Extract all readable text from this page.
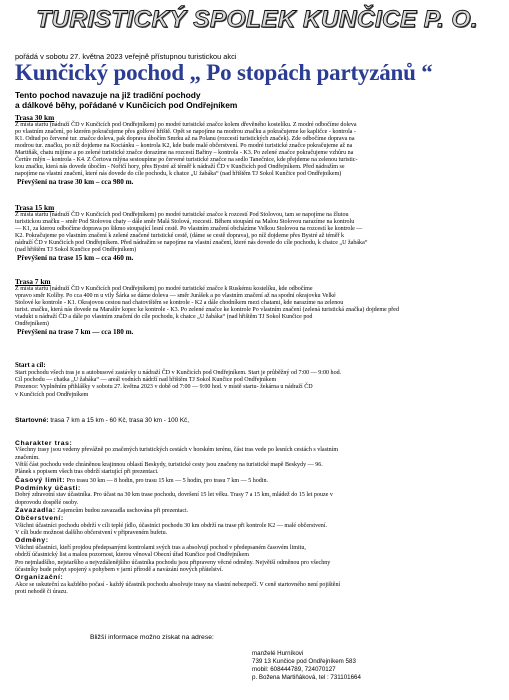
TURISTICKÝ SPOLEK KUNČICE P. O.
pořádá v sobotu 27. května 2023 veřejně přístupnou turistickou akci
Kunčický pochod „ Po stopách partyzánů “
Tento pochod navazuje na již tradiční pochody
a dálkové běhy, pořádané v Kunčicích pod Ondřejníkem
Trasa 30 km
Z místa startu (nádraží ČD v Kunčicích pod Ondřejníkem) po modré turistické značce kolem dřevěného kostelíku. Z modré odbočíme doleva
po vlastním značení, po kterém pokračujeme přes golfové hřiště. Opět se napojíme na modrou značku a pokračujeme ke kapličce - kontrola -
K1. Odtud po červené tur. značce doleva, pak doprava úbočím Smrku až na Polanu (rozcestí turistických značek). Zde odbočíme doprava na
modrou tur. značku, po níž dojdeme na Kociánku – kontrola K2, kde bude malé občerstvení. Po modré turistické značce pokračujeme až na
Martiňák, chatu míjíme a po zelené turistické značce dorazíme na rozcestí Bařiny – kontrola - K3. Po zelené značce pokračujeme vzhůru na
Čertův mlýn – kontrola - K4. Z Čertova mlýna sestoupíme po červené turistické značce na sedlo Tanečnice, kde přejdeme na zelenou turistic-
kou značku, která nás dovede úbočím - Nořičí hory, přes Bystré až téměř k nádraží ČD v Kunčicích pod Ondřejníkem. Před nádražím se
napojíme na vlastní značení, které nás dovede do cíle pochodu, k chatce „U žabáka“ (nad hřištěm TJ Sokol Kunčice pod Ondřejníkem)
Převýšení na trase 30 km – cca 980 m.
Trasa 15 km
Z místa startu (nádraží ČD v Kunčicích pod Ondřejníkem) po modré turistické značce k rozcestí Pod Stolovou, tam se napojíme na žlutou
turistickou značku – směr Pod Stolovou chaty – dále směr Malá Stolová, rozcestí. Během stoupání na Malou Stolovou narazíme na kontrolu
— K1, za kterou odbočíme doprava po šikmo stoupající lesní cestě. Po vlastním značení obcházíme Velkou Stolovou na rozcestí ke kontrole —
K2. Pokračujeme po vlastním značení k zelené značené turistické cestě, (dáme se cestě doprava), po níž dojdeme přes Bystré až téměř k
nádraží ČD v Kunčicích pod Ondřejníkem. Před nádražím se napojíme na vlastní značení, které nás dovede do cíle pochodu, k chatce „U žabáka“
(nad hřištěm TJ Sokol Kunčice pod Ondřejníkem)
Převýšení na trase 15 km – cca 460 m.
Trasa 7 km
Z místa startu (nádraží ČD v Kunčicích pod Ondřejníkem) po modré turistické značce k Ruskému kostelíku, kde odbočíme
vpravo směr Kolíby. Po cca 400 m u vily Šárka se dáme doleva — směr Jurášek a po vlastním značení až na spodní okrajovku Velké
Stolové ke kontrole - K1. Okrajovou cestou nad chatovištěm se kontrole - K2 a dále chodníkem mezi chatami, kde narazíme na zelenou
turist. značku, která nás dovede na Maralův kopec ke kontrole - K3. Po zelené značce ke kontrole Po vlastním značení (zelená turistická značka) dojdeme před
viadukt u nádraží ČD a dále po vlastním značení do cíle pochodu, k chatce „U žabáka“ (nad hřištěm TJ Sokol Kunčice pod
Ondřejníkem)
Převýšení na trase 7 km — cca 180 m.
Start a cíl:
Start pochodu všech tras je u autobusové zastávky u nádraží ČD v Kunčicích pod Ondřejníkem. Start je průběžný od 7:00 — 9:00 hod.
Cíl pochodu — chatka „U žabáka“ — areál vodních nádrží nad hřištěm TJ Sokol Kunčice pod Ondřejníkem
Prezence: Vyplněním přihlášky v sobotu 27. května 2023 v době od 7:00 — 9:00 hod. v místě startu- žekárna u nádraží ČD
v Kunčicích pod Ondřejníkem
Startovné: trasa 7 km a 15 km - 60 Kč, trasa 30 km - 100 Kč,
Charakter tras:

Všechny trasy jsou vedeny převážně po značených turistických cestách v horském terénu, část tras vede po lesních cestách s vlastním

značením.

Větší část pochodu vede chráněnou krajinnou oblastí Beskydy, turistické cesty jsou značeny na turistické mapě Beskydy — 96.

Plánek s popisem všech tras obdrží startující při prezentaci.

Časový limit: Pro trasu 30 km — 8 hodin, pro trasu 15 km — 5 hodin, pro trasu 7 km — 5 hodin.
Podmínky účasti:

Dobrý zdravotní stav účastníka. Pro účast na 30 km trase pochodu, dovršení 15 let věku. Trasy 7 a 15 km, mládež do 15 let pouze v

doprovodu dospělé osoby.

Zavazadla: Zajemcům budou zavazadla uschována při prezentaci.
Občerstvení:

Všichni účastníci pochodu obdrží v cíli teplé jídlo, účastníci pochodu 30 km obdrží na trase při kontrole K2 — malé občerstvení.

V cíli bude možnost dalšího občerstvení v připraveném bufetu.

Odměny:

Všichni účastníci, kteří projdou předepsanými kontrolami svých tras a absolvují pochod v předepsaném časovém limitu,

obdrží účastnický list a malou pozornost, kterou věnoval Obecní úřad Kunčice pod Ondřejníkem

Pro nejmladšího, nejstaršího a nejvzdálenějšího účastníka pochodu jsou připraveny věcné odměny. Největší odměnou pro všechny

účastníky bude pobyt spojený s pohybem v jarní přírodě a navázání nových přátelství.

Organizační:

Akce se uskuteční za každého počasí - každý účastník pochodu absolvuje trasy na vlastní nebezpečí. V ceně startovného není pojištění

proti nehodě či úrazu.

Bližší informace možno získat na adrese:
manželé Hurníkovi
739 13 Kunčice pod Ondřejníkem 583
mobil: 608444789, 724070127
p. Božena Martiňáková, tel : 731101664
